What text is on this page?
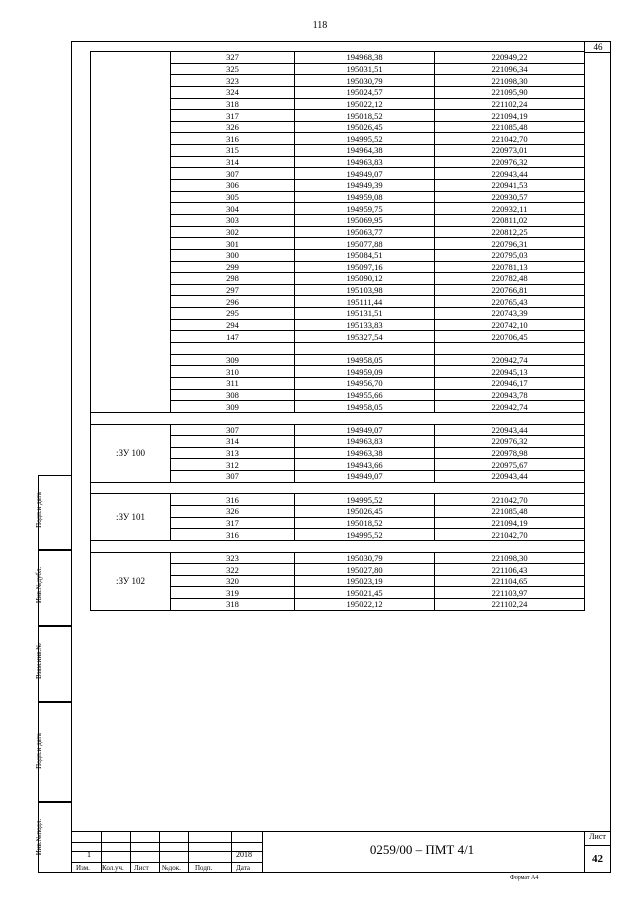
118
46
	327	194968,38	220949,22
	325	195031,51	221096,34
	323	195030,79	221098,30
	324	195024,57	221095,90
	318	195022,12	221102,24
	317	195018,52	221094,19
	326	195026,45	221085,48
	316	194995,52	221042,70
	315	194964,38	220973,01
	314	194963,83	220976,32
	307	194949,07	220943,44
	306	194949,39	220941,53
	305	194959,08	220930,57
	304	194959,75	220932,11
	303	195069,95	220811,02
	302	195063,77	220812,25
	301	195077,88	220796,31
	300	195084,51	220795,03
	299	195097,16	220781,13
	298	195090,12	220782,48
	297	195103,98	220766,81
	296	195111,44	220765,43
	295	195131,51	220743,39
	294	195133,83	220742,10
	147	195327,54	220706,45

	309	194958,05	220942,74
	310	194959,09	220945,13
	311	194956,70	220946,17
	308	194955,66	220943,78
	309	194958,05	220942,74

:ЗУ 100	307	194949,07	220943,44
	314	194963,83	220976,32
	313	194963,38	220978,98
	312	194943,66	220975,67
	307	194949,07	220943,44

:ЗУ 101	316	194995,52	221042,70
	326	195026,45	221085,48
	317	195018,52	221094,19
	316	194995,52	221042,70

:ЗУ 102	323	195030,79	221098,30
	322	195027,80	221106,43
	320	195023,19	221104,65
	319	195021,45	221103,97
	318	195022,12	221102,24
Подп.и дата
Инв.№дубл.
Взам.инв.№
Подп.и дата
Инв.№подл.	1	2018
Изм. Кол.уч. Лист №док. Подп.	Дата
0259/00 – ПМТ 4/1
Лист
42
Формат А4
